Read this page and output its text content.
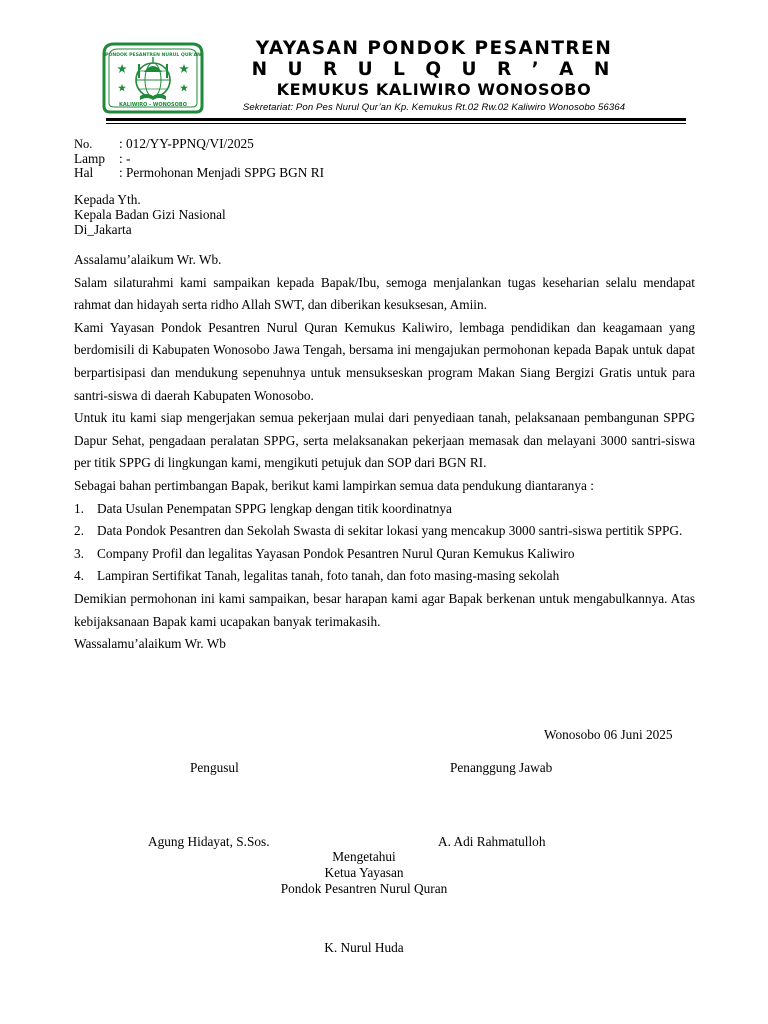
PONDOK PESANTREN NURUL QUR'AN
KALIWIRO - WONOSOBO
YAYASAN PONDOK PESANTREN
N U R U L Q U R ’ A N
KEMUKUS KALIWIRO WONOSOBO
Sekretariat: Pon Pes Nurul Qur’an Kp. Kemukus Rt.02 Rw.02 Kaliwiro Wonosobo 56364
No.	: 012/YY-PPNQ/VI/2025
Lamp	: -
Hal	: Permohonan Menjadi SPPG BGN RI
Kepada Yth.
Kepala Badan Gizi Nasional
Di_Jakarta

Assalamu’alaikum Wr. Wb.

Salam silaturahmi kami sampaikan kepada Bapak/Ibu, semoga menjalankan tugas keseharian selalu mendapat rahmat dan hidayah serta ridho Allah SWT, dan diberikan kesuksesan, Amiin.

Kami Yayasan Pondok Pesantren Nurul Quran Kemukus Kaliwiro, lembaga pendidikan dan keagamaan yang berdomisili di Kabupaten Wonosobo Jawa Tengah, bersama ini mengajukan permohonan kepada Bapak untuk dapat berpartisipasi dan mendukung sepenuhnya untuk mensukseskan program Makan Siang Bergizi Gratis untuk para santri-siswa di daerah Kabupaten Wonosobo.

Untuk itu kami siap mengerjakan semua pekerjaan mulai dari penyediaan tanah, pelaksanaan pembangunan SPPG Dapur Sehat, pengadaan peralatan SPPG, serta melaksanakan pekerjaan memasak dan melayani 3000 santri-siswa per titik SPPG di lingkungan kami, mengikuti petujuk dan SOP dari BGN RI.

Sebagai bahan pertimbangan Bapak, berikut kami lampirkan semua data pendukung diantaranya :

1. Data Usulan Penempatan SPPG lengkap dengan titik koordinatnya
2. Data Pondok Pesantren dan Sekolah Swasta di sekitar lokasi yang mencakup 3000 santri-siswa pertitik SPPG.
3. Company Profil dan legalitas Yayasan Pondok Pesantren Nurul Quran Kemukus Kaliwiro
4. Lampiran Sertifikat Tanah, legalitas tanah, foto tanah, dan foto masing-masing sekolah

Demikian permohonan ini kami sampaikan, besar harapan kami agar Bapak berkenan untuk mengabulkannya. Atas kebijaksanaan Bapak kami ucapakan banyak terimakasih.

Wassalamu’alaikum Wr. Wb

Wonosobo 06 Juni 2025
Pengusul	Penanggung Jawab
Agung Hidayat, S.Sos.	A. Adi Rahmatulloh
Mengetahui
Ketua Yayasan
Pondok Pesantren Nurul Quran
K. Nurul Huda
